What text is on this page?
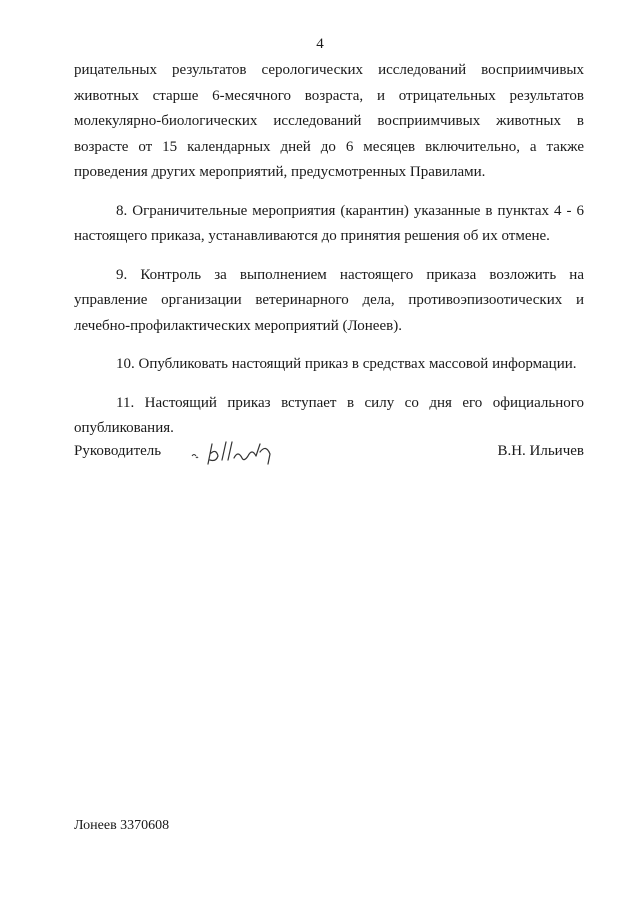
4

рицательных результатов серологических исследований восприимчивых животных старше 6-месячного возраста, и отрицательных результатов молекулярно-биологических исследований восприимчивых животных в возрасте от 15 календарных дней до 6 месяцев включительно, а также проведения других мероприятий, предусмотренных Правилами.

8. Ограничительные мероприятия (карантин) указанные в пунктах 4 - 6 настоящего приказа, устанавливаются до принятия решения об их отмене.

9. Контроль за выполнением настоящего приказа возложить на управление организации ветеринарного дела, противоэпизоотических и лечебно-профилактических мероприятий (Лонеев).

10. Опубликовать настоящий приказ в средствах массовой информации.

11. Настоящий приказ вступает в силу со дня его официального опубликования.

Руководитель	В.Н. Ильичев
Лонеев 3370608
